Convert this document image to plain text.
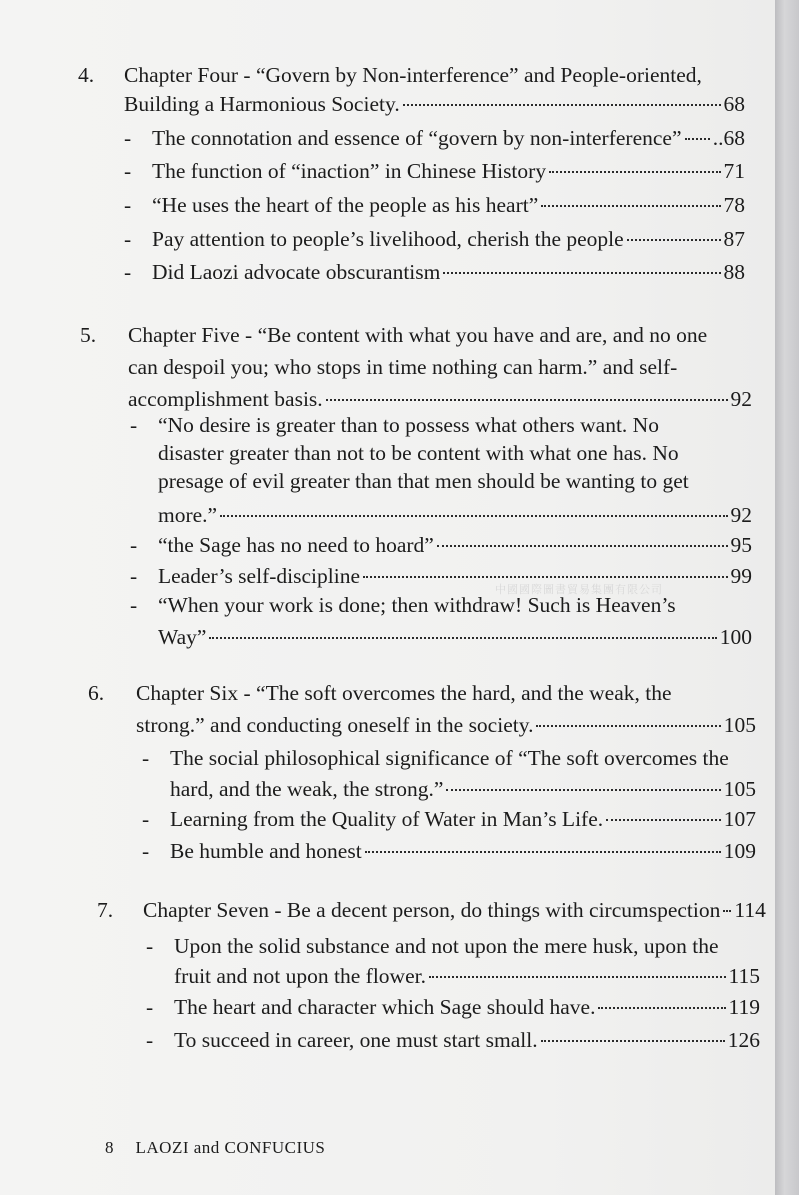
4. Chapter Four - “Govern by Non-interference” and People-oriented,
Building a Harmonious Society.	68
- The connotation and essence of “govern by non-interference” ..68
- The function of “inaction” in Chinese History	71
- “He uses the heart of the people as his heart”	78
- Pay attention to people’s livelihood, cherish the people	87
- Did Laozi advocate obscurantism	88
5. Chapter Five - “Be content with what you have and are, and no one
can despoil you; who stops in time nothing can harm.” and self-
accomplishment basis.	92
- “No desire is greater than to possess what others want. No
disaster greater than not to be content with what one has. No
presage of evil greater than that men should be wanting to get
more.”	92
- “the Sage has no need to hoard”	95
- Leader’s self-discipline	99
- “When your work is done; then withdraw! Such is Heaven’s
Way”	100
6. Chapter Six - “The soft overcomes the hard, and the weak, the
strong.” and conducting oneself in the society.	105
- The social philosophical significance of “The soft overcomes the
hard, and the weak, the strong.”	105
- Learning from the Quality of Water in Man’s Life.	107
- Be humble and honest	109
7. Chapter Seven - Be a decent person, do things with circumspection 114
- Upon the solid substance and not upon the mere husk, upon the
fruit and not upon the flower.	115
- The heart and character which Sage should have.	119
- To succeed in career, one must start small.	126
中國國際圖書貿易集團有限公司
8 LAOZI and CONFUCIUS
